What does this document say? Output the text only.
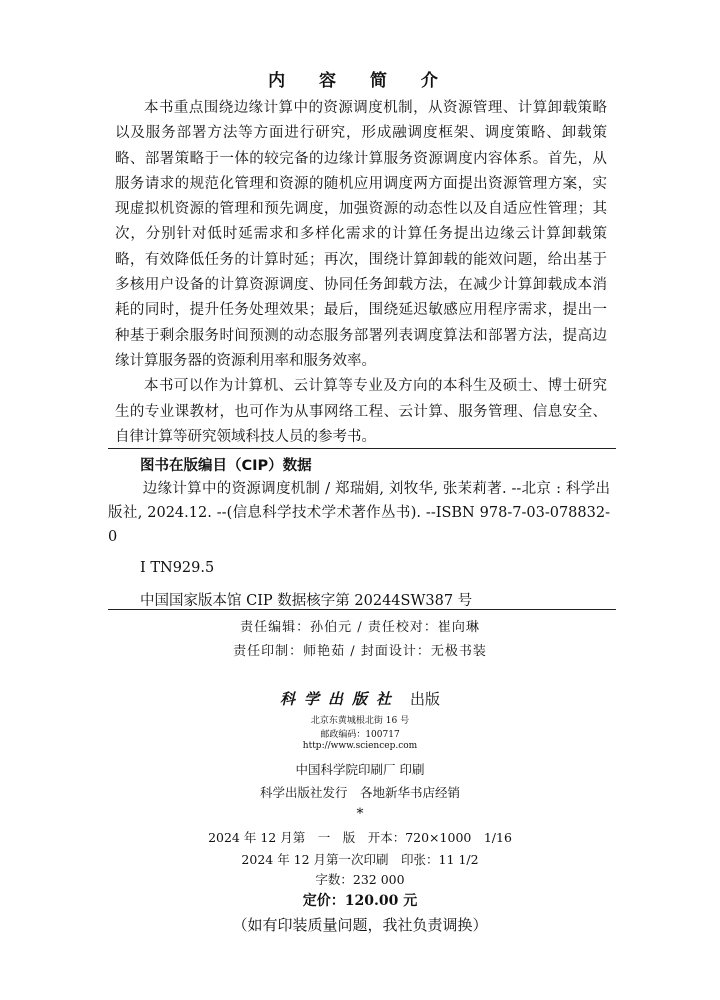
内 容 简 介

本书重点围绕边缘计算中的资源调度机制，从资源管理、计算卸载策略以及服务部署方法等方面进行研究，形成融调度框架、调度策略、卸载策略、部署策略于一体的较完备的边缘计算服务资源调度内容体系。首先，从服务请求的规范化管理和资源的随机应用调度两方面提出资源管理方案，实现虚拟机资源的管理和预先调度，加强资源的动态性以及自适应性管理；其次，分别针对低时延需求和多样化需求的计算任务提出边缘云计算卸载策略，有效降低任务的计算时延；再次，围绕计算卸载的能效问题，给出基于多核用户设备的计算资源调度、协同任务卸载方法，在减少计算卸载成本消耗的同时，提升任务处理效果；最后，围绕延迟敏感应用程序需求，提出一种基于剩余服务时间预测的动态服务部署列表调度算法和部署方法，提高边缘计算服务器的资源利用率和服务效率。

本书可以作为计算机、云计算等专业及方向的本科生及硕士、博士研究生的专业课教材，也可作为从事网络工程、云计算、服务管理、信息安全、自律计算等研究领域科技人员的参考书。

图书在版编目（CIP）数据

边缘计算中的资源调度机制 / 郑瑞娟, 刘牧华, 张茉莉著. --北京 : 科学出版社, 2024.12. --(信息科学技术学术著作丛书). --ISBN 978-7-03-078832-0

Ⅰ TN929.5
中国国家版本馆 CIP 数据核字第 20244SW387 号
责任编辑：孙伯元 / 责任校对：崔向琳
责任印制：师艳茹 / 封面设计：无极书装
科学出版社 出版
北京东黄城根北街 16 号
邮政编码：100717
http://www.sciencep.com
中国科学院印刷厂 印刷
科学出版社发行　各地新华书店经销
*
2024 年 12 月第　一　版　开本：720×1000　1/16
2024 年 12 月第一次印刷　印张：11 1/2
字数：232 000
定价：120.00 元
（如有印装质量问题，我社负责调换）
